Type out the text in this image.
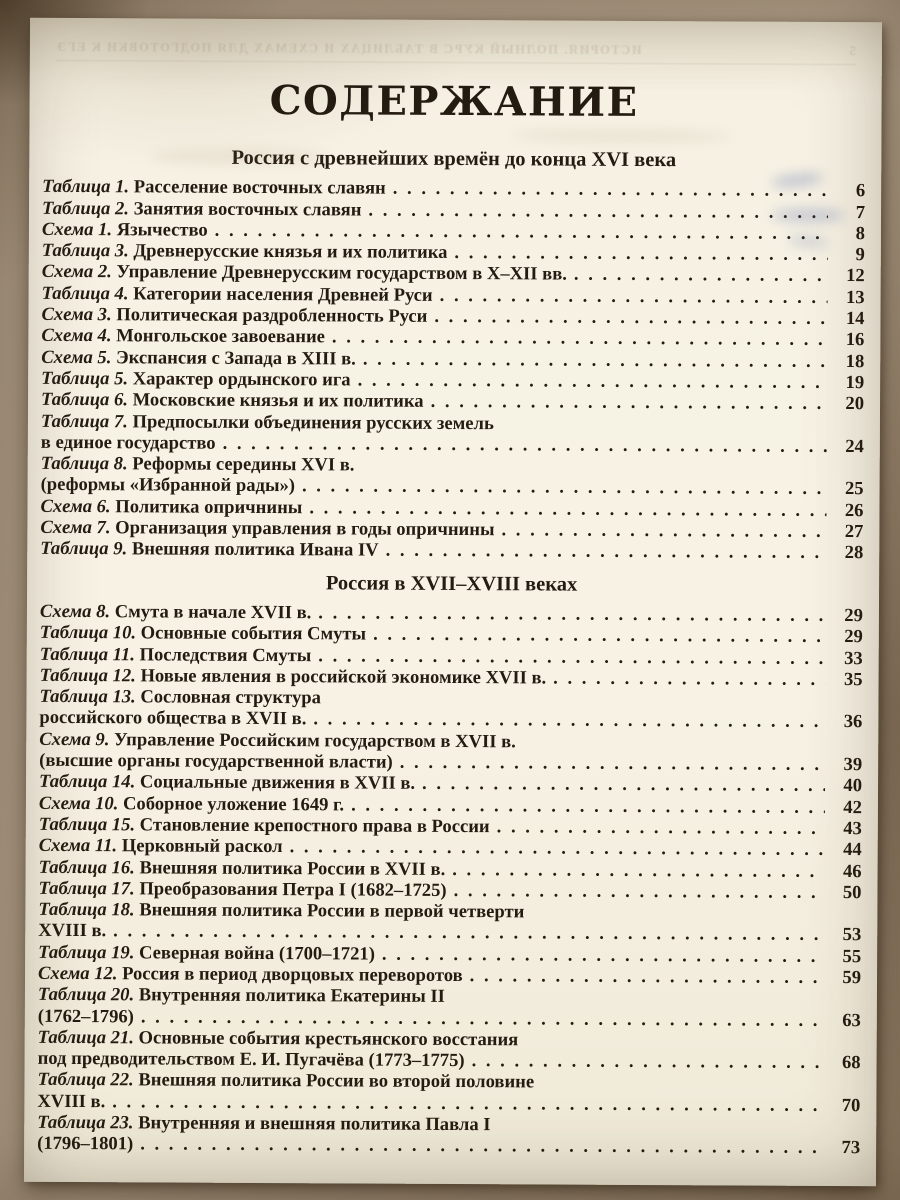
5
ИСТОРИЯ. ПОЛНЫЙ КУРС В ТАБЛИЦАХ И СХЕМАХ ДЛЯ ПОДГОТОВКИ К ЕГЭ
СОДЕРЖАНИЕ
Россия с древнейших времён до конца XVI века
Таблица 1. Расселение восточных славян . . .	6
Таблица 2. Занятия восточных славян . . .	7
Схема 1. Язычество . . .	8
Таблица 3. Древнерусские князья и их политика . . .	9
Схема 2. Управление Древнерусским государством в X–XII вв. . . .	12
Таблица 4. Категории населения Древней Руси . . .	13
Схема 3. Политическая раздробленность Руси . . .	14
Схема 4. Монгольское завоевание . . .	16
Схема 5. Экспансия с Запада в XIII в. . . .	18
Таблица 5. Характер ордынского ига . . .	19
Таблица 6. Московские князья и их политика . . .	20
Таблица 7. Предпосылки объединения русских земель
в единое государство . . .	24
Таблица 8. Реформы середины XVI в.
(реформы «Избранной рады») . . .	25
Схема 6. Политика опричнины . . .	26
Схема 7. Организация управления в годы опричнины . . .	27
Таблица 9. Внешняя политика Ивана IV . . .	28
Россия в XVII–XVIII веках
Схема 8. Смута в начале XVII в. . . .	29
Таблица 10. Основные события Смуты . . .	29
Таблица 11. Последствия Смуты . . .	33
Таблица 12. Новые явления в российской экономике XVII в. . . .	35
Таблица 13. Сословная структура
российского общества в XVII в. . . .	36
Схема 9. Управление Российским государством в XVII в.
(высшие органы государственной власти) . . .	39
Таблица 14. Социальные движения в XVII в. . . .	40
Схема 10. Соборное уложение 1649 г. . . .	42
Таблица 15. Становление крепостного права в России . . .	43
Схема 11. Церковный раскол . . .	44
Таблица 16. Внешняя политика России в XVII в. . . .	46
Таблица 17. Преобразования Петра I (1682–1725) . . .	50
Таблица 18. Внешняя политика России в первой четверти
XVIII в. . . .	53
Таблица 19. Северная война (1700–1721) . . .	55
Схема 12. Россия в период дворцовых переворотов . . .	59
Таблица 20. Внутренняя политика Екатерины II
(1762–1796) . . .	63
Таблица 21. Основные события крестьянского восстания
под предводительством Е. И. Пугачёва (1773–1775) . . .	68
Таблица 22. Внешняя политика России во второй половине
XVIII в. . . .	70
Таблица 23. Внутренняя и внешняя политика Павла I
(1796–1801) . . .	73
